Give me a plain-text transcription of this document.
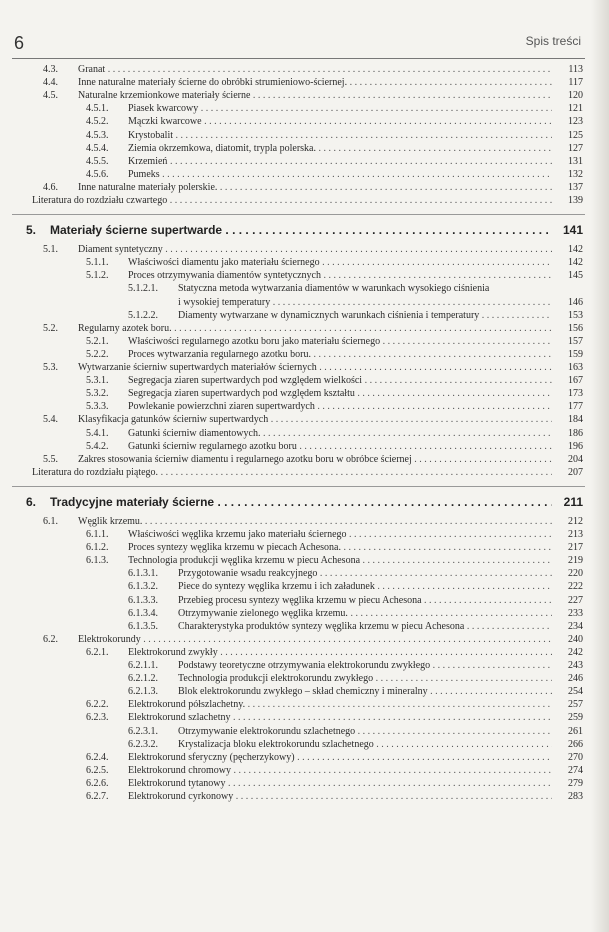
6	Spis treści
4.3. Granat . . .	113
4.4. Inne naturalne materiały ścierne do obróbki strumieniowo-ściernej. . . .	117
4.5. Naturalne krzemionkowe materiały ścierne . . .	120
4.5.1. Piasek kwarcowy . . .	121
4.5.2. Mączki kwarcowe . . .	123
4.5.3. Krystobalit . . .	125
4.5.4. Ziemia okrzemkowa, diatomit, trypla polerska. . . .	127
4.5.5. Krzemień . . .	131
4.5.6. Pumeks . . .	132
4.6. Inne naturalne materiały polerskie. . . .	137
Literatura do rozdziału czwartego . . .	139
5. Materiały ścierne supertwarde . . .	141
5.1. Diament syntetyczny . . .	142
5.1.1. Właściwości diamentu jako materiału ściernego . . .	142
5.1.2. Proces otrzymywania diamentów syntetycznych . . .	145
5.1.2.1. Statyczna metoda wytwarzania diamentów w warunkach wysokiego ciśnienia
i wysokiej temperatury . . .	146
5.1.2.2. Diamenty wytwarzane w dynamicznych warunkach ciśnienia i temperatury . . .	153
5.2. Regularny azotek boru. . . .	156
5.2.1. Właściwości regularnego azotku boru jako materiału ściernego . . .	157
5.2.2. Proces wytwarzania regularnego azotku boru. . . .	159
5.3. Wytwarzanie ścierniw supertwardych materiałów ściernych . . .	163
5.3.1. Segregacja ziaren supertwardych pod względem wielkości . . .	167
5.3.2. Segregacja ziaren supertwardych pod względem kształtu . . .	173
5.3.3. Powlekanie powierzchni ziaren supertwardych . . .	177
5.4. Klasyfikacja gatunków ścierniw supertwardych . . .	184
5.4.1. Gatunki ścierniw diamentowych. . . .	186
5.4.2. Gatunki ścierniw regularnego azotku boru . . .	196
5.5. Zakres stosowania ścierniw diamentu i regularnego azotku boru w obróbce ściernej . . .	204
Literatura do rozdziału piątego. . . .	207
6. Tradycyjne materiały ścierne . . .	211
6.1. Węglik krzemu. . . .	212
6.1.1. Właściwości węglika krzemu jako materiału ściernego . . .	213
6.1.2. Proces syntezy węglika krzemu w piecach Achesona. . . .	217
6.1.3. Technologia produkcji węglika krzemu w piecu Achesona . . .	219
6.1.3.1. Przygotowanie wsadu reakcyjnego . . .	220
6.1.3.2. Piece do syntezy węglika krzemu i ich załadunek . . .	222
6.1.3.3. Przebieg procesu syntezy węglika krzemu w piecu Achesona . . .	227
6.1.3.4. Otrzymywanie zielonego węglika krzemu. . . .	233
6.1.3.5. Charakterystyka produktów syntezy węglika krzemu w piecu Achesona . . .	234
6.2. Elektrokorundy . . .	240
6.2.1. Elektrokorund zwykły . . .	242
6.2.1.1. Podstawy teoretyczne otrzymywania elektrokorundu zwykłego . . .	243
6.2.1.2. Technologia produkcji elektrokorundu zwykłego . . .	246
6.2.1.3. Blok elektrokorundu zwykłego – skład chemiczny i mineralny . . .	254
6.2.2. Elektrokorund półszlachetny. . . .	257
6.2.3. Elektrokorund szlachetny . . .	259
6.2.3.1. Otrzymywanie elektrokorundu szlachetnego . . .	261
6.2.3.2. Krystalizacja bloku elektrokorundu szlachetnego . . .	266
6.2.4. Elektrokorund sferyczny (pęcherzykowy) . . .	270
6.2.5. Elektrokorund chromowy . . .	274
6.2.6. Elektrokorund tytanowy . . .	279
6.2.7. Elektrokorund cyrkonowy . . .	283
